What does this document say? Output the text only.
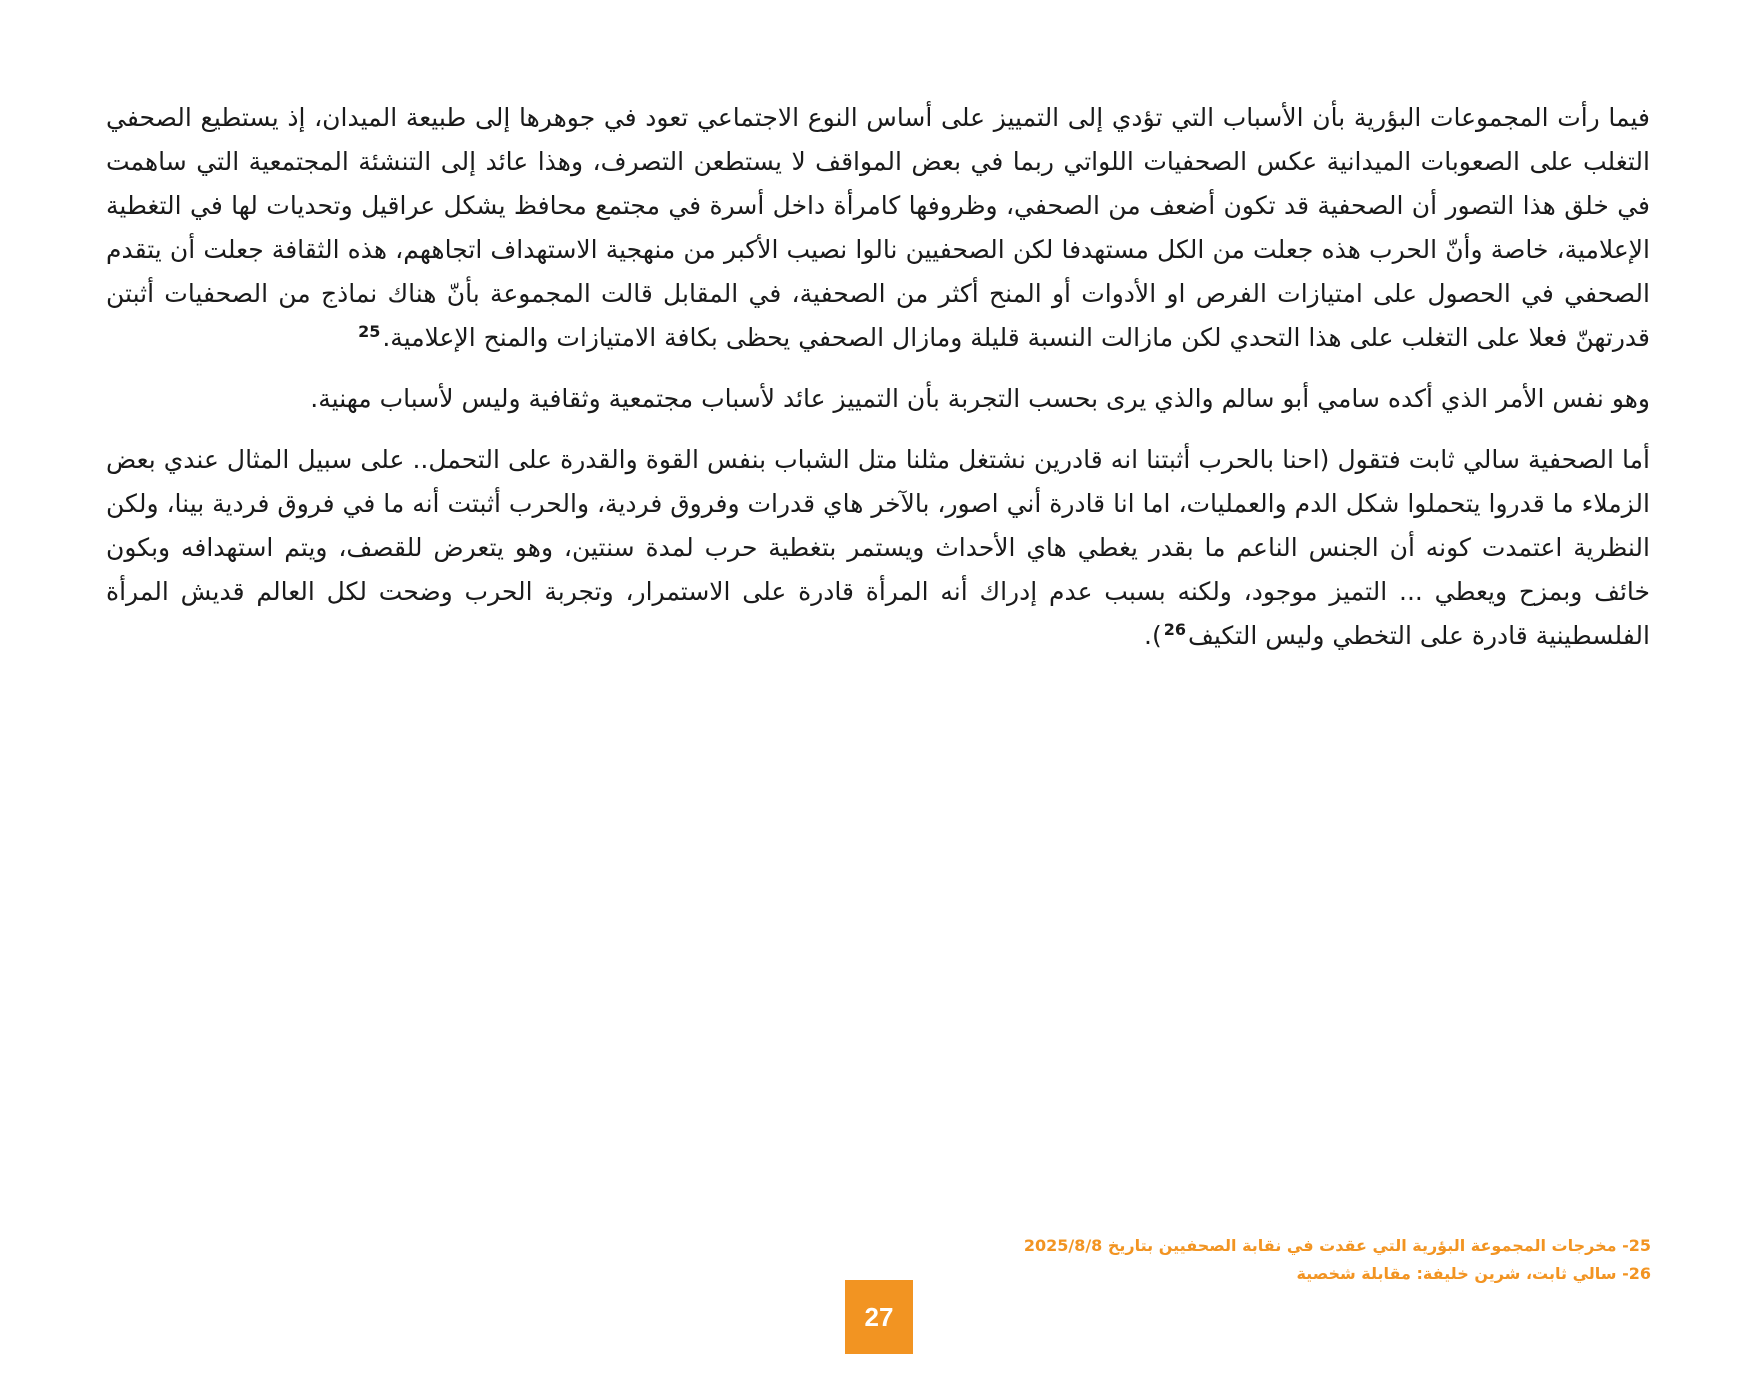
فيما رأت المجموعات البؤرية بأن الأسباب التي تؤدي إلى التمييز على أساس النوع الاجتماعي تعود في جوهرها إلى طبيعة الميدان، إذ يستطيع الصحفي التغلب على الصعوبات الميدانية عكس الصحفيات اللواتي ربما في بعض المواقف لا يستطعن التصرف، وهذا عائد إلى التنشئة المجتمعية التي ساهمت في خلق هذا التصور أن الصحفية قد تكون أضعف من الصحفي، وظروفها كامرأة داخل أسرة في مجتمع محافظ يشكل عراقيل وتحديات لها في التغطية الإعلامية، خاصة وأنّ الحرب هذه جعلت من الكل مستهدفا لكن الصحفيين نالوا نصيب الأكبر من منهجية الاستهداف اتجاههم، هذه الثقافة جعلت أن يتقدم الصحفي في الحصول على امتيازات الفرص او الأدوات أو المنح أكثر من الصحفية، في المقابل قالت المجموعة بأنّ هناك نماذج من الصحفيات أثبتن قدرتهنّ فعلا على التغلب على هذا التحدي لكن مازالت النسبة قليلة ومازال الصحفي يحظى بكافة الامتيازات والمنح الإعلامية.$^{25}$

وهو نفس الأمر الذي أكده سامي أبو سالم والذي يرى بحسب التجربة بأن التمييز عائد لأسباب مجتمعية وثقافية وليس لأسباب مهنية.

أما الصحفية سالي ثابت فتقول (احنا بالحرب أثبتنا انه قادرين نشتغل مثلنا متل الشباب بنفس القوة والقدرة على التحمل.. على سبيل المثال عندي بعض الزملاء ما قدروا يتحملوا شكل الدم والعمليات، اما انا قادرة أني اصور، بالآخر هاي قدرات وفروق فردية، والحرب أثبتت أنه ما في فروق فردية بينا، ولكن النظرية اعتمدت كونه أن الجنس الناعم ما بقدر يغطي هاي الأحداث ويستمر بتغطية حرب لمدة سنتين، وهو يتعرض للقصف، ويتم استهدافه وبكون خائف وبمزح ويعطي ... التميز موجود، ولكنه بسبب عدم إدراك أنه المرأة قادرة على الاستمرار، وتجربة الحرب وضحت لكل العالم قديش المرأة الفلسطينية قادرة على التخطي وليس التكيف$^{26}$).

25- مخرجات المجموعة البؤرية التي عقدت في نقابة الصحفيين بتاريخ 2025/8/8
26- سالي ثابت، شرين خليفة: مقابلة شخصية
27
